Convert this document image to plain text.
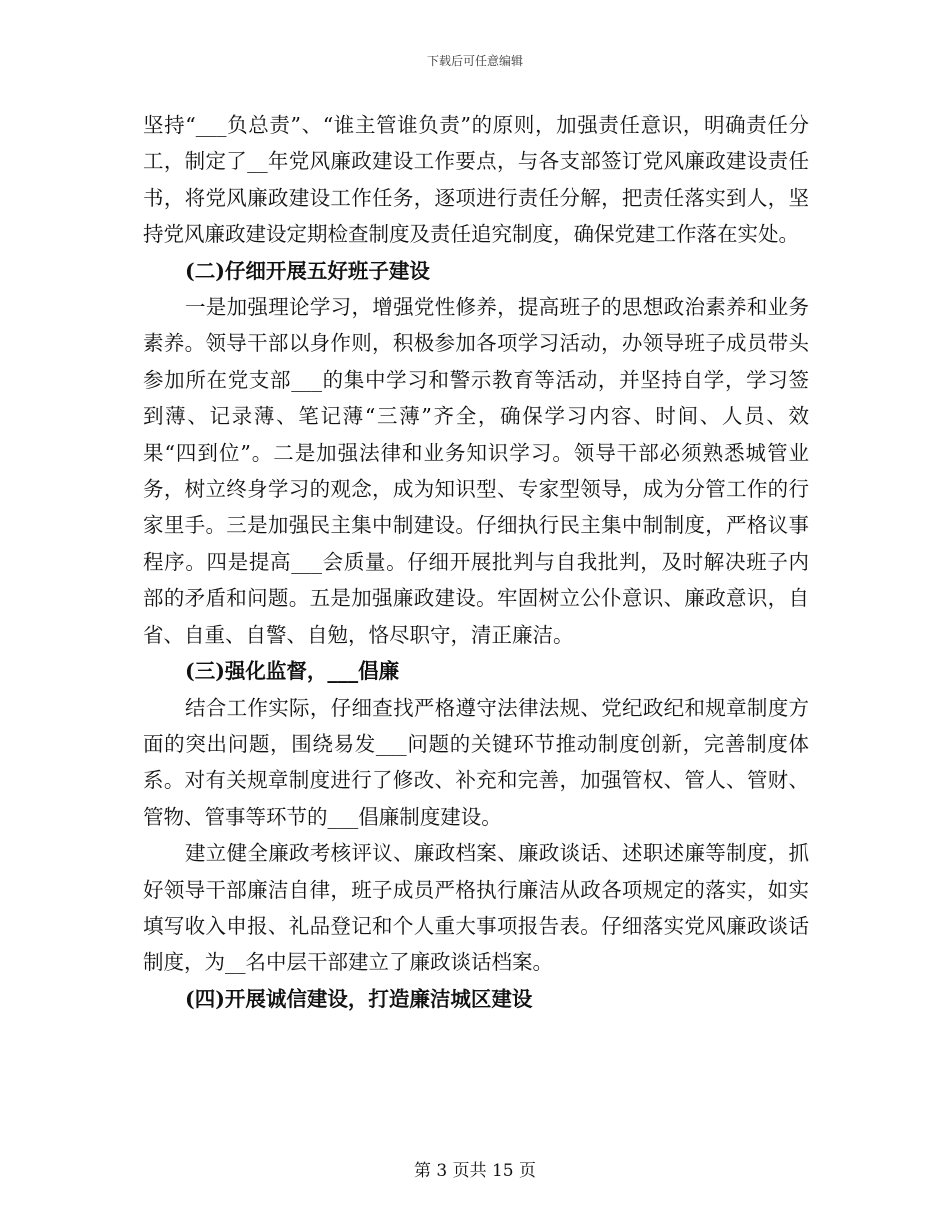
下载后可任意编辑

坚持“___负总责”、“谁主管谁负责”的原则，加强责任意识，明确责任分工，制定了__年党风廉政建设工作要点，与各支部签订党风廉政建设责任书，将党风廉政建设工作任务，逐项进行责任分解，把责任落实到人，坚持党风廉政建设定期检查制度及责任追究制度，确保党建工作落在实处。

(二)仔细开展五好班子建设

一是加强理论学习，增强党性修养，提高班子的思想政治素养和业务素养。领导干部以身作则，积极参加各项学习活动，办领导班子成员带头参加所在党支部___的集中学习和警示教育等活动，并坚持自学，学习签到薄、记录薄、笔记薄“三薄”齐全，确保学习内容、时间、人员、效果“四到位”。二是加强法律和业务知识学习。领导干部必须熟悉城管业务，树立终身学习的观念，成为知识型、专家型领导，成为分管工作的行家里手。三是加强民主集中制建设。仔细执行民主集中制制度，严格议事程序。四是提高___会质量。仔细开展批判与自我批判，及时解决班子内部的矛盾和问题。五是加强廉政建设。牢固树立公仆意识、廉政意识，自省、自重、自警、自勉，恪尽职守，清正廉洁。

(三)强化监督，___倡廉

结合工作实际，仔细查找严格遵守法律法规、党纪政纪和规章制度方面的突出问题，围绕易发___问题的关键环节推动制度创新，完善制度体系。对有关规章制度进行了修改、补充和完善，加强管权、管人、管财、管物、管事等环节的___倡廉制度建设。

建立健全廉政考核评议、廉政档案、廉政谈话、述职述廉等制度，抓好领导干部廉洁自律，班子成员严格执行廉洁从政各项规定的落实，如实填写收入申报、礼品登记和个人重大事项报告表。仔细落实党风廉政谈话制度，为__名中层干部建立了廉政谈话档案。

(四)开展诚信建设，打造廉洁城区建设

第 3 页共 15 页
